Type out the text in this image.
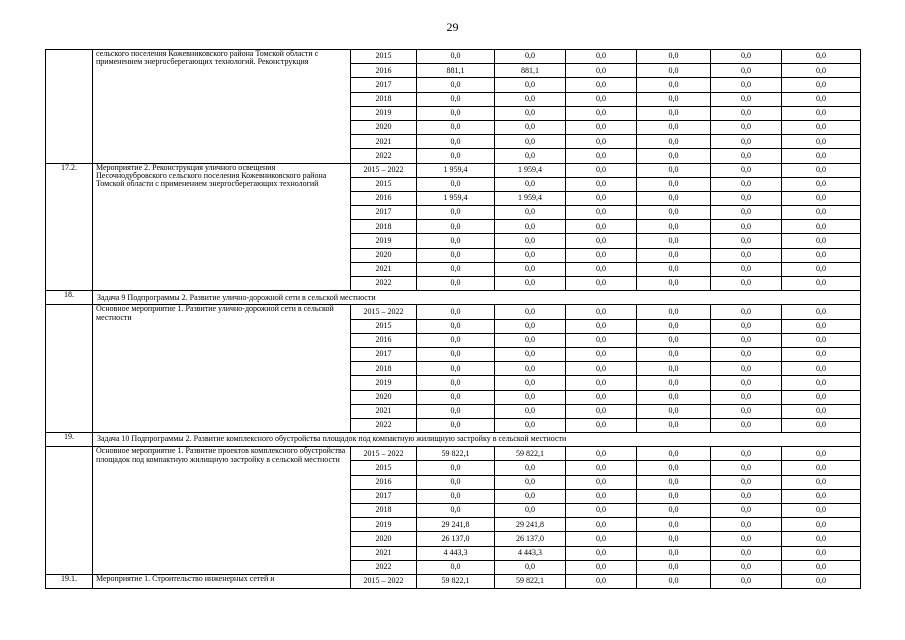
29
	сельского поселения Кожевниковского района Томской области с применением энергосберегающих технологий. Реконструкция	2015	0,0	0,0	0,0	0,0	0,0	0,0
		2016	881,1	881,1	0,0	0,0	0,0	0,0
		2017	0,0	0,0	0,0	0,0	0,0	0,0
		2018	0,0	0,0	0,0	0,0	0,0	0,0
		2019	0,0	0,0	0,0	0,0	0,0	0,0
		2020	0,0	0,0	0,0	0,0	0,0	0,0
		2021	0,0	0,0	0,0	0,0	0,0	0,0
		2022	0,0	0,0	0,0	0,0	0,0	0,0
17.2.	Мероприятие 2. Реконструкция уличного освещения Песочнодубровского сельского поселения Кожевниковского района Томской области с применением энергосберегающих технологий	2015 – 2022	1 959,4	1 959,4	0,0	0,0	0,0	0,0
		2015	0,0	0,0	0,0	0,0	0,0	0,0
		2016	1 959,4	1 959,4	0,0	0,0	0,0	0,0
		2017	0,0	0,0	0,0	0,0	0,0	0,0
		2018	0,0	0,0	0,0	0,0	0,0	0,0
		2019	0,0	0,0	0,0	0,0	0,0	0,0
		2020	0,0	0,0	0,0	0,0	0,0	0,0
		2021	0,0	0,0	0,0	0,0	0,0	0,0
		2022	0,0	0,0	0,0	0,0	0,0	0,0
18.	Задача 9 Подпрограммы 2. Развитие улично-дорожной сети в сельской местности							
	Основное мероприятие 1. Развитие улично-дорожной сети в сельской местности	2015 – 2022	0,0	0,0	0,0	0,0	0,0	0,0
		2015	0,0	0,0	0,0	0,0	0,0	0,0
		2016	0,0	0,0	0,0	0,0	0,0	0,0
		2017	0,0	0,0	0,0	0,0	0,0	0,0
		2018	0,0	0,0	0,0	0,0	0,0	0,0
		2019	0,0	0,0	0,0	0,0	0,0	0,0
		2020	0,0	0,0	0,0	0,0	0,0	0,0
		2021	0,0	0,0	0,0	0,0	0,0	0,0
		2022	0,0	0,0	0,0	0,0	0,0	0,0
19.	Задача 10 Подпрограммы 2. Развитие комплексного обустройства площадок под компактную жилищную застройку в сельской местности							
	Основное мероприятие 1. Развитие проектов комплексного обустройства площадок под компактную жилищную застройку в сельской местности	2015 – 2022	59 822,1	59 822,1	0,0	0,0	0,0	0,0
		2015	0,0	0,0	0,0	0,0	0,0	0,0
		2016	0,0	0,0	0,0	0,0	0,0	0,0
		2017	0,0	0,0	0,0	0,0	0,0	0,0
		2018	0,0	0,0	0,0	0,0	0,0	0,0
		2019	29 241,8	29 241,8	0,0	0,0	0,0	0,0
		2020	26 137,0	26 137,0	0,0	0,0	0,0	0,0
		2021	4 443,3	4 443,3	0,0	0,0	0,0	0,0
		2022	0,0	0,0	0,0	0,0	0,0	0,0
19.1.	Мероприятие 1. Строительство инженерных сетей и	2015 – 2022	59 822,1	59 822,1	0,0	0,0	0,0	0,0
